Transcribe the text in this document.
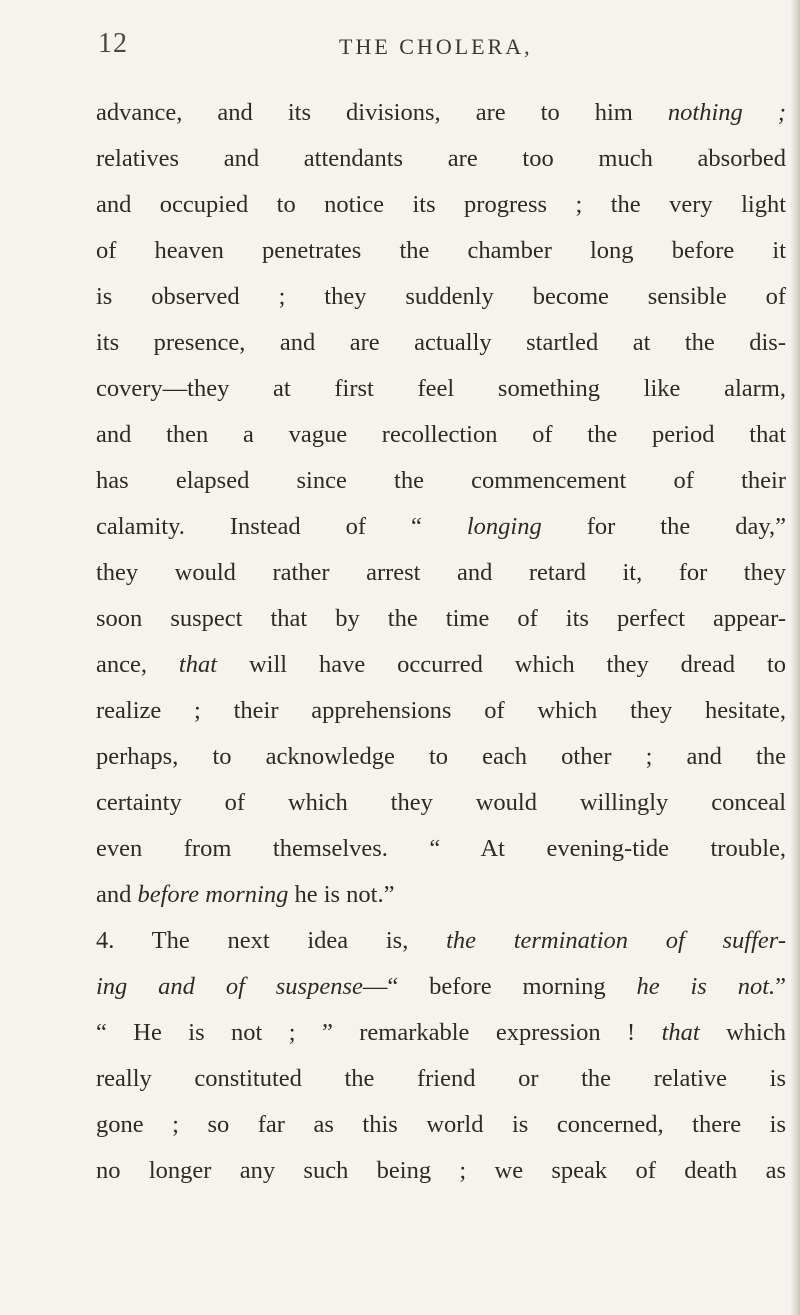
12	THE CHOLERA,
advance, and its divisions, are to him nothing ;
relatives and attendants are too much absorbed
and occupied to notice its progress ; the very light
of heaven penetrates the chamber long before it
is observed ; they suddenly become sensible of
its presence, and are actually startled at the dis-
covery—they at first feel something like alarm,
and then a vague recollection of the period that
has elapsed since the commencement of their
calamity. Instead of “ longing for the day,”
they would rather arrest and retard it, for they
soon suspect that by the time of its perfect appear-
ance, that will have occurred which they dread to
realize ; their apprehensions of which they hesitate,
perhaps, to acknowledge to each other ; and the
certainty of which they would willingly conceal
even from themselves. “ At evening-tide trouble,
and before morning he is not.”
4. The next idea is, the termination of suffer-
ing and of suspense—“ before morning he is not.”
“ He is not ; ” remarkable expression ! that which
really constituted the friend or the relative is
gone ; so far as this world is concerned, there is
no longer any such being ; we speak of death as
